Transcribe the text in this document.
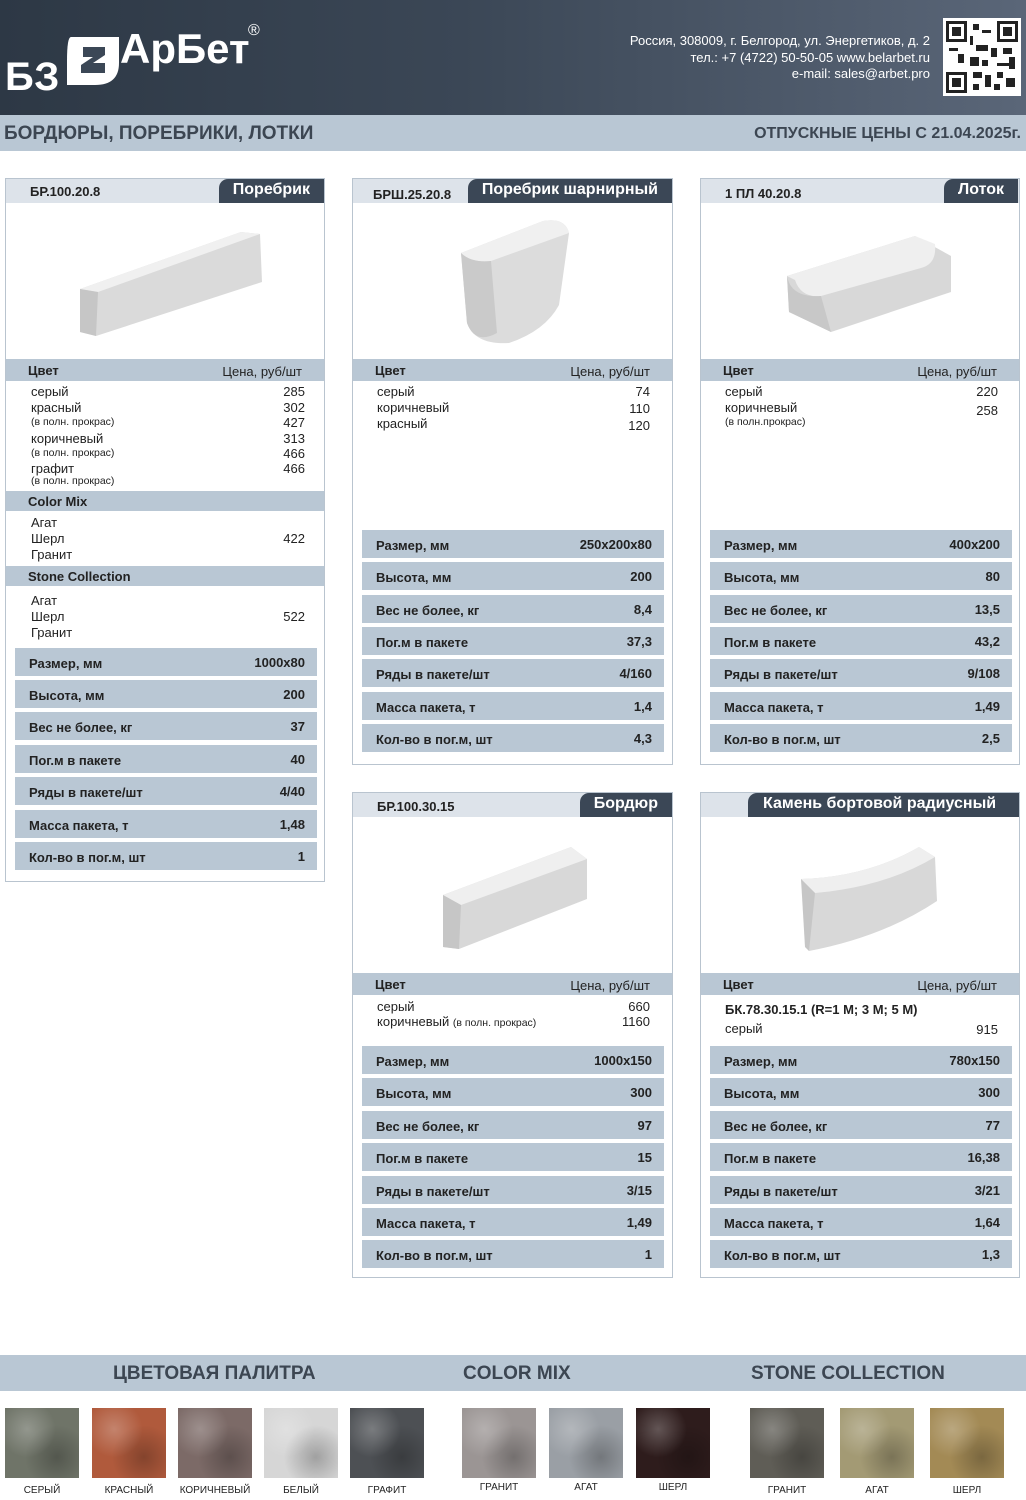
БЗ
АрБет
®
Россия, 308009, г. Белгород, ул. Энергетиков, д. 2
тел.: +7 (4722) 50-50-05 www.belarbet.ru
e-mail: sales@arbet.pro
БОРДЮРЫ, ПОРЕБРИКИ, ЛОТКИ	ОТПУСКНЫЕ ЦЕНЫ С 21.04.2025г.
БР.100.20.8	Поребрик
Цвет	Цена, руб/шт
серый	285
красный	302
(в полн. прокрас)	427
коричневый	313
(в полн. прокрас)	466
графит	466
(в полн. прокрас)
Color Mix
Агат
Шерл	422
Гранит
Stone Collection
Агат
Шерл	522
Гранит
Размер, мм	1000x80
Высота, мм	200
Вес не более, кг	37
Пог.м в пакете	40
Ряды в пакете/шт	4/40
Масса пакета, т	1,48
Кол-во в пог.м, шт	1
БРШ.25.20.8	Поребрик шарнирный
Цвет	Цена, руб/шт
серый	74
коричневый	110
красный	120
Размер, мм	250x200x80
Высота, мм	200
Вес не более, кг	8,4
Пог.м в пакете	37,3
Ряды в пакете/шт	4/160
Масса пакета, т	1,4
Кол-во в пог.м, шт	4,3
1 ПЛ 40.20.8	Лоток
Цвет	Цена, руб/шт
серый	220
коричневый	258
(в полн.прокрас)
Размер, мм	400x200
Высота, мм	80
Вес не более, кг	13,5
Пог.м в пакете	43,2
Ряды в пакете/шт	9/108
Масса пакета, т	1,49
Кол-во в пог.м, шт	2,5
БР.100.30.15	Бордюр
Цвет	Цена, руб/шт
серый	660
коричневый (в полн. прокрас)	1160
Размер, мм	1000x150
Высота, мм	300
Вес не более, кг	97
Пог.м в пакете	15
Ряды в пакете/шт	3/15
Масса пакета, т	1,49
Кол-во в пог.м, шт	1
Камень бортовой радиусный
Цвет	Цена, руб/шт
БК.78.30.15.1 (R=1 М; 3 М; 5 М)
серый	915
Размер, мм	780x150
Высота, мм	300
Вес не более, кг	77
Пог.м в пакете	16,38
Ряды в пакете/шт	3/21
Масса пакета, т	1,64
Кол-во в пог.м, шт	1,3
ЦВЕТОВАЯ ПАЛИТРА	COLOR MIX	STONE COLLECTION
СЕРЫЙ	КРАСНЫЙ	КОРИЧНЕВЫЙ	БЕЛЫЙ	ГРАФИТ	ГРАНИТ	АГАТ	ШЕРЛ	ГРАНИТ	АГАТ	ШЕРЛ
